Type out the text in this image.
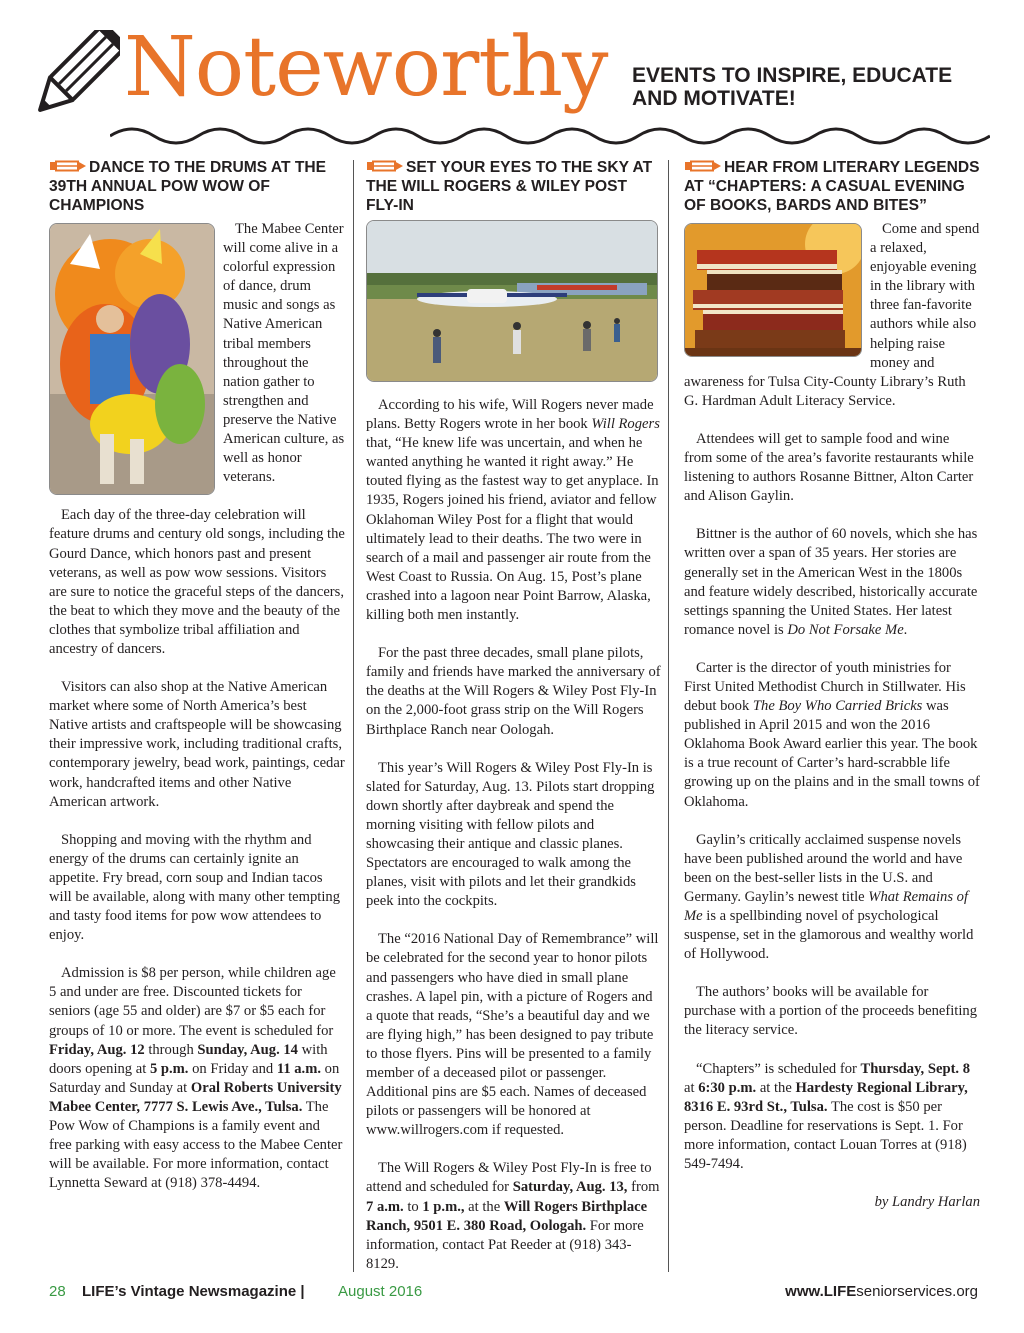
Noteworthy EVENTS TO INSPIRE, EDUCATE
AND MOTIVATE!
DANCE TO THE DRUMS AT THE 39TH ANNUAL POW WOW OF CHAMPIONS

The Mabee Center will come alive in a colorful expression of dance, drum music and songs as Native American tribal members throughout the nation gather to strengthen and preserve the Native American culture, as well as honor veterans.

Each day of the three-day celebration will feature drums and century old songs, including the Gourd Dance, which honors past and present veterans, as well as pow wow sessions. Visitors are sure to notice the graceful steps of the dancers, the beat to which they move and the beauty of the clothes that symbolize tribal affiliation and ancestry of dancers.

Visitors can also shop at the Native American market where some of North America’s best Native artists and craftspeople will be showcasing their impressive work, including traditional crafts, contemporary jewelry, bead work, paintings, cedar work, handcrafted items and other Native American artwork.

Shopping and moving with the rhythm and energy of the drums can certainly ignite an appetite. Fry bread, corn soup and Indian tacos will be available, along with many other tempting and tasty food items for pow wow attendees to enjoy.

Admission is $8 per person, while children age 5 and under are free. Discounted tickets for seniors (age 55 and older) are $7 or $5 each for groups of 10 or more. The event is scheduled for Friday, Aug. 12 through Sunday, Aug. 14 with doors opening at 5 p.m. on Friday and 11 a.m. on Saturday and Sunday at Oral Roberts University Mabee Center, 7777 S. Lewis Ave., Tulsa. The Pow Wow of Champions is a family event and free parking with easy access to the Mabee Center will be available. For more information, contact Lynnetta Seward at (918) 378-4494.

SET YOUR EYES TO THE SKY AT THE WILL ROGERS & WILEY POST FLY-IN

According to his wife, Will Rogers never made plans. Betty Rogers wrote in her book Will Rogers that, “He knew life was uncertain, and when he wanted anything he wanted it right away.” He touted flying as the fastest way to get anyplace. In 1935, Rogers joined his friend, aviator and fellow Oklahoman Wiley Post for a flight that would ultimately lead to their deaths. The two were in search of a mail and passenger air route from the West Coast to Russia. On Aug. 15, Post’s plane crashed into a lagoon near Point Barrow, Alaska, killing both men instantly.

For the past three decades, small plane pilots, family and friends have marked the anniversary of the deaths at the Will Rogers & Wiley Post Fly-In on the 2,000-foot grass strip on the Will Rogers Birthplace Ranch near Oologah.

This year’s Will Rogers & Wiley Post Fly-In is slated for Saturday, Aug. 13. Pilots start dropping down shortly after daybreak and spend the morning visiting with fellow pilots and showcasing their antique and classic planes. Spectators are encouraged to walk among the planes, visit with pilots and let their grandkids peek into the cockpits.

The “2016 National Day of Remembrance” will be celebrated for the second year to honor pilots and passengers who have died in small plane crashes. A lapel pin, with a picture of Rogers and a quote that reads, “She’s a beautiful day and we are flying high,” has been designed to pay tribute to those flyers. Pins will be presented to a family member of a deceased pilot or passenger. Additional pins are $5 each. Names of deceased pilots or passengers will be honored at www.willrogers.com if requested.

The Will Rogers & Wiley Post Fly-In is free to attend and scheduled for Saturday, Aug. 13, from 7 a.m. to 1 p.m., at the Will Rogers Birthplace Ranch, 9501 E. 380 Road, Oologah. For more information, contact Pat Reeder at (918) 343-8129.

HEAR FROM LITERARY LEGENDS AT “CHAPTERS: A CASUAL EVENING OF BOOKS, BARDS AND BITES”

Come and spend a relaxed, enjoyable evening in the library with three fan-favorite authors while also helping raise money and awareness for Tulsa City-County Library’s Ruth G. Hardman Adult Literacy Service.

Attendees will get to sample food and wine from some of the area’s favorite restaurants while listening to authors Rosanne Bittner, Alton Carter and Alison Gaylin.

Bittner is the author of 60 novels, which she has written over a span of 35 years. Her stories are generally set in the American West in the 1800s and feature widely described, historically accurate settings spanning the United States. Her latest romance novel is Do Not Forsake Me.

Carter is the director of youth ministries for First United Methodist Church in Stillwater. His debut book The Boy Who Carried Bricks was published in April 2015 and won the 2016 Oklahoma Book Award earlier this year. The book is a true recount of Carter’s hard-scrabble life growing up on the plains and in the small towns of Oklahoma.

Gaylin’s critically acclaimed suspense novels have been published around the world and have been on the best-seller lists in the U.S. and Germany. Gaylin’s newest title What Remains of Me is a spellbinding novel of psychological suspense, set in the glamorous and wealthy world of Hollywood.

The authors’ books will be available for purchase with a portion of the proceeds benefiting the literacy service.

“Chapters” is scheduled for Thursday, Sept. 8 at 6:30 p.m. at the Hardesty Regional Library, 8316 E. 93rd St., Tulsa. The cost is $50 per person. Deadline for reservations is Sept. 1. For more information, contact Louan Torres at (918) 549-7494.

by Landry Harlan
28 LIFE’s Vintage Newsmagazine | August 2016	www.LIFEseniorservices.org
